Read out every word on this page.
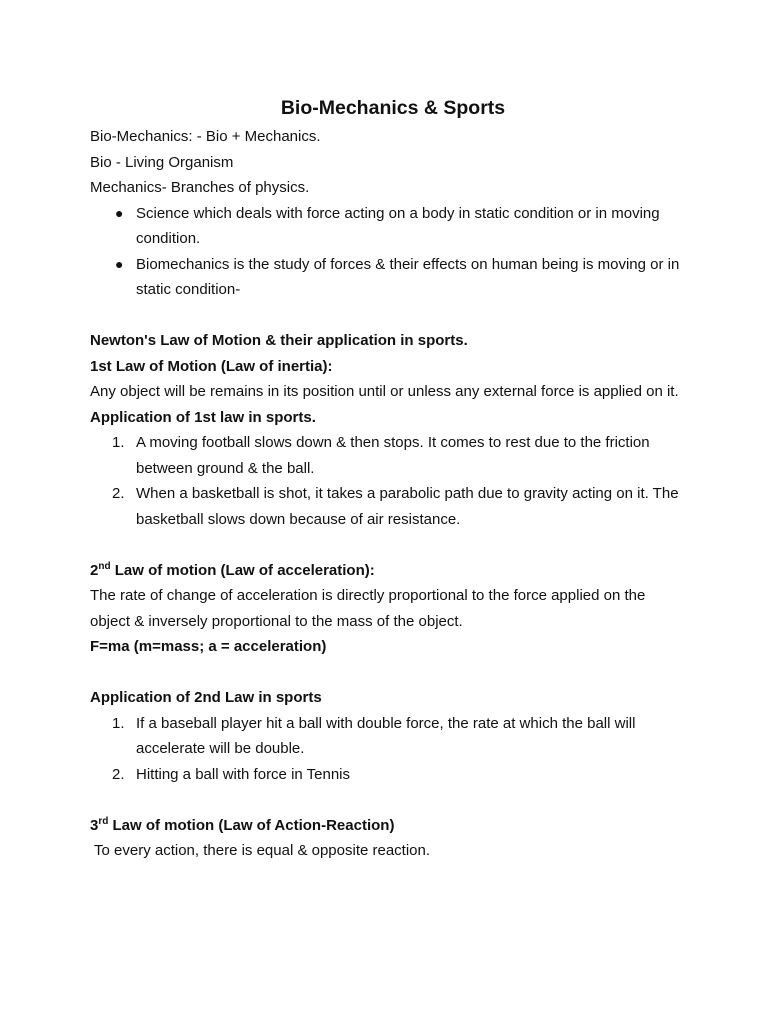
Bio-Mechanics & Sports

Bio-Mechanics: - Bio + Mechanics.

Bio - Living Organism

Mechanics- Branches of physics.

● Science which deals with force acting on a body in static condition or in moving condition.
● Biomechanics is the study of forces & their effects on human being is moving or in static condition-

Newton's Law of Motion & their application in sports.

1st Law of Motion (Law of inertia):

Any object will be remains in its position until or unless any external force is applied on it.

Application of 1st law in sports.

1. A moving football slows down & then stops. It comes to rest due to the friction between ground & the ball.
2. When a basketball is shot, it takes a parabolic path due to gravity acting on it. The basketball slows down because of air resistance.

2nd Law of motion (Law of acceleration):

The rate of change of acceleration is directly proportional to the force applied on the object & inversely proportional to the mass of the object.

F=ma (m=mass; a = acceleration)

Application of 2nd Law in sports

1. If a baseball player hit a ball with double force, the rate at which the ball will accelerate will be double.
2. Hitting a ball with force in Tennis

3rd Law of motion (Law of Action-Reaction)

To every action, there is equal & opposite reaction.
